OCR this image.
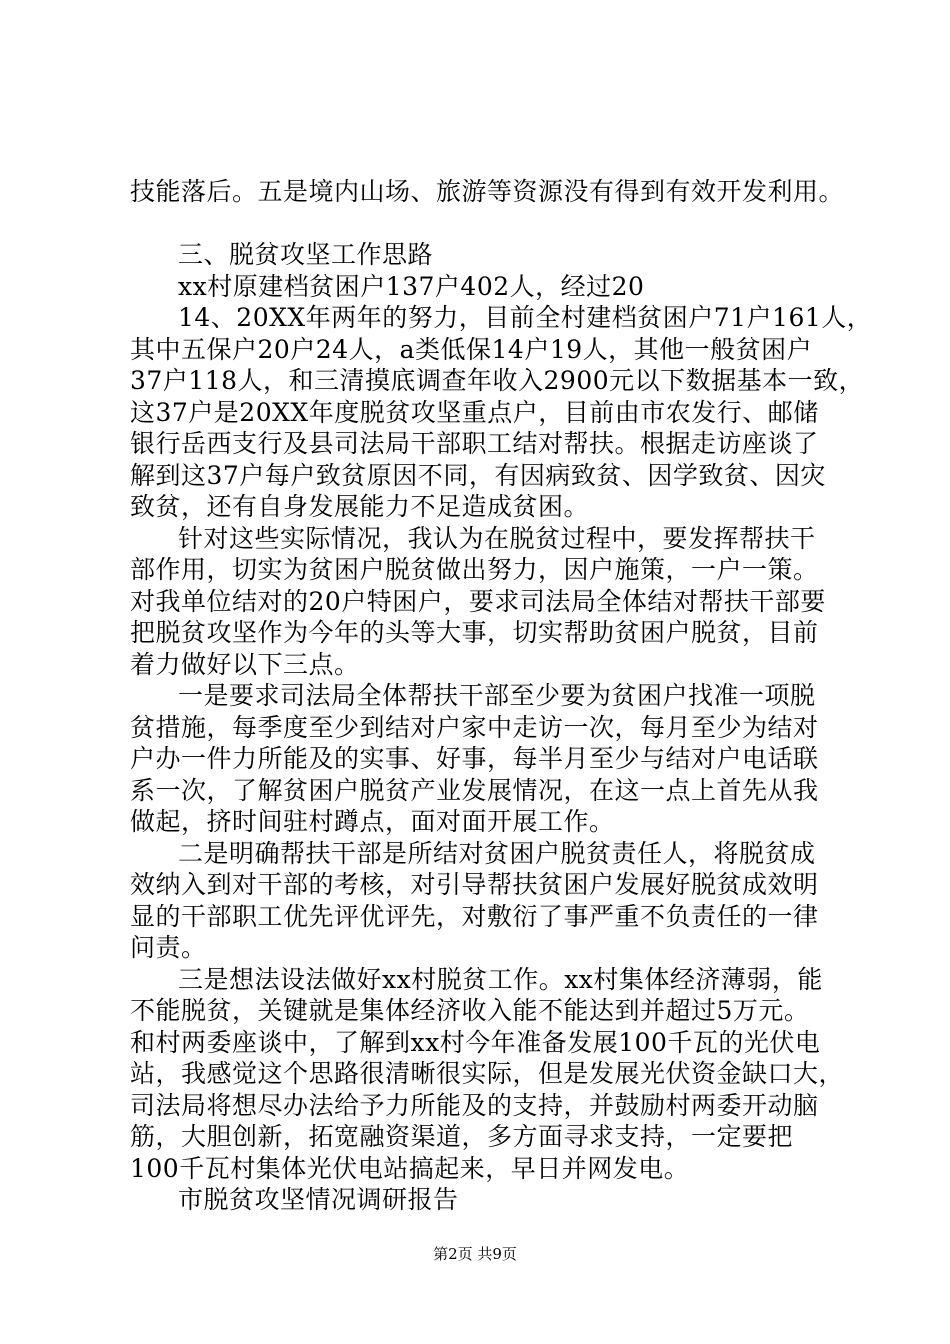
技能落后。五是境内山场、旅游等资源没有得到有效开发利用。
三、脱贫攻坚工作思路
xx村原建档贫困户137户402人，经过20
14、20XX年两年的努力，目前全村建档贫困户71户161人，
其中五保户20户24人，a类低保14户19人，其他一般贫困户
37户118人，和三清摸底调查年收入2900元以下数据基本一致，
这37户是20XX年度脱贫攻坚重点户，目前由市农发行、邮储
银行岳西支行及县司法局干部职工结对帮扶。根据走访座谈了
解到这37户每户致贫原因不同，有因病致贫、因学致贫、因灾
致贫，还有自身发展能力不足造成贫困。
针对这些实际情况，我认为在脱贫过程中，要发挥帮扶干
部作用，切实为贫困户脱贫做出努力，因户施策，一户一策。
对我单位结对的20户特困户，要求司法局全体结对帮扶干部要
把脱贫攻坚作为今年的头等大事，切实帮助贫困户脱贫，目前
着力做好以下三点。
一是要求司法局全体帮扶干部至少要为贫困户找准一项脱
贫措施，每季度至少到结对户家中走访一次，每月至少为结对
户办一件力所能及的实事、好事，每半月至少与结对户电话联
系一次，了解贫困户脱贫产业发展情况，在这一点上首先从我
做起，挤时间驻村蹲点，面对面开展工作。
二是明确帮扶干部是所结对贫困户脱贫责任人，将脱贫成
效纳入到对干部的考核，对引导帮扶贫困户发展好脱贫成效明
显的干部职工优先评优评先，对敷衍了事严重不负责任的一律
问责。
三是想法设法做好xx村脱贫工作。xx村集体经济薄弱，能
不能脱贫，关键就是集体经济收入能不能达到并超过5万元。
和村两委座谈中，了解到xx村今年准备发展100千瓦的光伏电
站，我感觉这个思路很清晰很实际，但是发展光伏资金缺口大，
司法局将想尽办法给予力所能及的支持，并鼓励村两委开动脑
筋，大胆创新，拓宽融资渠道，多方面寻求支持，一定要把
100千瓦村集体光伏电站搞起来，早日并网发电。
市脱贫攻坚情况调研报告
第2页 共9页
